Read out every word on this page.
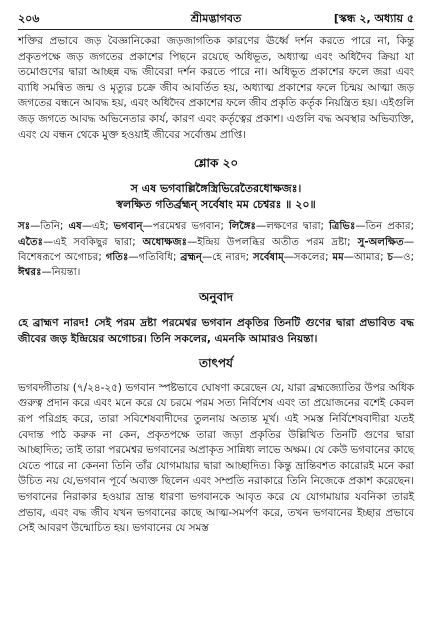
২০৬	শ্রীমদ্ভাগবত	[স্কন্ধ ২, অধ্যায় ৫

শক্তির প্রভাবে জড় বৈজ্ঞানিকেরা জড়জাগতিক কারণের ঊর্ধ্বে দর্শন করতে পারে না, কিন্তু প্রকৃতপক্ষে জড় জগতের প্রকাশের পিছনে রয়েছে অধিভূত, অধ্যাত্ম এবং অধিদৈব ক্রিয়া যা তমোগুণের দ্বারা আচ্ছন্ন বদ্ধ জীবেরা দর্শন করতে পারে না। অধিভূত প্রকাশের ফলে জরা এবং ব্যাধি সমন্বিত জন্ম ও মৃত্যুর চক্রে জীব আবর্তিত হয়, অধ্যাত্ম প্রকাশের ফলে চিন্ময় আত্মা জড় জগতের বন্ধনে আবদ্ধ হয়, এবং অধিদৈব প্রকাশের ফলে জীব প্রকৃতি কর্তৃক নিয়ন্ত্রিত হয়। এইগুলি জড় জগতে আবদ্ধ অভিনেতার কার্য, কারণ এবং কর্তৃত্বের প্রকাশ। এগুলি বদ্ধ অবস্থার অভিব্যক্তি, এবং যে বন্ধন থেকে মুক্ত হওয়াই জীবের সর্বোত্তম প্রাপ্তি।

শ্লোক ২০
স এষ ভগবাল্লিঙ্গৈস্ত্রিভিরেতৈরধোক্ষজঃ।
স্বলক্ষিত গতির্ব্রহ্মন্ সর্বেষাং মম চেশ্বরঃ ॥ ২০॥

সঃ—তিনি; এষ—এই; ভগবান্—পরমেশ্বর ভগবান; লিঙ্গৈঃ—লক্ষণের দ্বারা; ত্রিভিঃ—তিন প্রকার; এতৈঃ—এই সবকিছুর দ্বারা; অধোক্ষজঃ—ইন্দ্রিয় উপলব্ধির অতীত পরম দ্রষ্টা; সু-অলক্ষিত—বিশেষরূপে অগোচর; গতিঃ—গতিবিধি; ব্রহ্মন্—হে নারদ; সর্বেষাম্—সকলের; মম—আমার; চ—ও; ঈশ্বরঃ—নিয়ন্তা।

অনুবাদ

হে ব্রাহ্মণ নারদ! সেই পরম দ্রষ্টা পরমেশ্বর ভগবান প্রকৃতির তিনটি গুণের দ্বারা প্রভাবিত বদ্ধ জীবের জড় ইন্দ্রিয়ের অগোচর। তিনি সকলের, এমনকি আমারও নিয়ন্তা।

তাৎপর্য

ভগবদ্গীতায় (৭/২৪-২৫) ভগবান স্পষ্টভাবে ঘোষণা করেছেন যে, যারা ব্রহ্মজ্যোতির উপর অধিক গুরুত্ব প্রদান করে এবং মনে করে যে চরমে পরম সত্য নির্বিশেষ এবং তা প্রয়োজনের বশেই কেবল রূপ পরিগ্রহ করে, তারা সবিশেষবাদীদের তুলনায় অত্যন্ত মূর্খ। এই সমস্ত নির্বিশেষবাদীরা যতই বেদান্ত পাঠ করুক না কেন, প্রকৃতপক্ষে তারা জড়া প্রকৃতির উল্লিখিত তিনটি গুণের দ্বারা আচ্ছাদিত; তাই তারা পরমেশ্বর ভগবানের অপ্রাকৃত সান্নিধ্য লাভে অক্ষম। যে কেউ ভগবানের কাছে যেতে পারে না কেননা তিনি তাঁর যোগমায়ার দ্বারা আচ্ছাদিত। কিন্তু ভ্রান্তিবশত কারোরই মনে করা উচিত নয় যে,ভগবান পূর্বে অব্যক্ত ছিলেন এবং সম্প্রতি নরাকারে তিনি নিজেকে প্রকাশ করেছেন। ভগবানের নিরাকার হওয়ার ভ্রান্ত ধারণা ভগবানকে আবৃত করে যে যোগমায়ার যবনিকা তারই প্রভাব, এবং বদ্ধ জীব যখন ভগবানের কাছে আত্ম-সমর্পণ করে, তখন ভগবানের ইচ্ছার প্রভাবে সেই আবরণ উন্মোচিত হয়। ভগবানের যে সমস্ত
